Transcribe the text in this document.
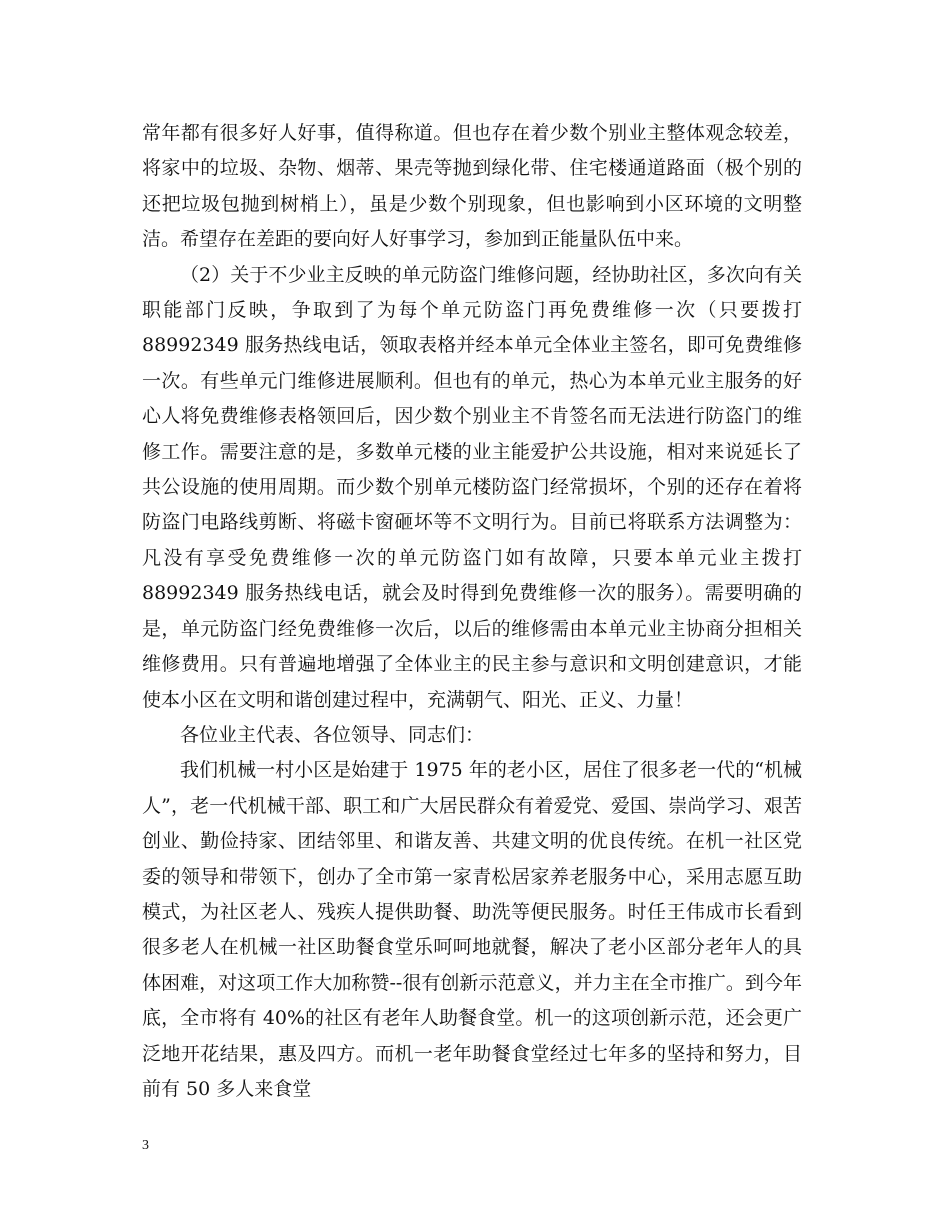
常年都有很多好人好事，值得称道。但也存在着少数个别业主整体观念较差，将家中的垃圾、杂物、烟蒂、果壳等抛到绿化带、住宅楼通道路面（极个别的还把垃圾包抛到树梢上），虽是少数个别现象，但也影响到小区环境的文明整洁。希望存在差距的要向好人好事学习，参加到正能量队伍中来。

（2）关于不少业主反映的单元防盗门维修问题，经协助社区，多次向有关职能部门反映，争取到了为每个单元防盗门再免费维修一次（只要拨打 88992349 服务热线电话，领取表格并经本单元全体业主签名，即可免费维修一次。有些单元门维修进展顺利。但也有的单元，热心为本单元业主服务的好心人将免费维修表格领回后，因少数个别业主不肯签名而无法进行防盗门的维修工作。需要注意的是，多数单元楼的业主能爱护公共设施，相对来说延长了共公设施的使用周期。而少数个别单元楼防盗门经常损坏，个别的还存在着将防盗门电路线剪断、将磁卡窗砸坏等不文明行为。目前已将联系方法调整为：凡没有享受免费维修一次的单元防盗门如有故障，只要本单元业主拨打 88992349 服务热线电话，就会及时得到免费维修一次的服务）。需要明确的是，单元防盗门经免费维修一次后，以后的维修需由本单元业主协商分担相关维修费用。只有普遍地增强了全体业主的民主参与意识和文明创建意识，才能使本小区在文明和谐创建过程中，充满朝气、阳光、正义、力量！

各位业主代表、各位领导、同志们：

我们机械一村小区是始建于 1975 年的老小区，居住了很多老一代的“机械人”，老一代机械干部、职工和广大居民群众有着爱党、爱国、崇尚学习、艰苦创业、勤俭持家、团结邻里、和谐友善、共建文明的优良传统。在机一社区党委的领导和带领下，创办了全市第一家青松居家养老服务中心，采用志愿互助模式，为社区老人、残疾人提供助餐、助洗等便民服务。时任王伟成市长看到很多老人在机械一社区助餐食堂乐呵呵地就餐，解决了老小区部分老年人的具体困难，对这项工作大加称赞--很有创新示范意义，并力主在全市推广。到今年底，全市将有 40%的社区有老年人助餐食堂。机一的这项创新示范，还会更广泛地开花结果，惠及四方。而机一老年助餐食堂经过七年多的坚持和努力，目前有 50 多人来食堂

3
